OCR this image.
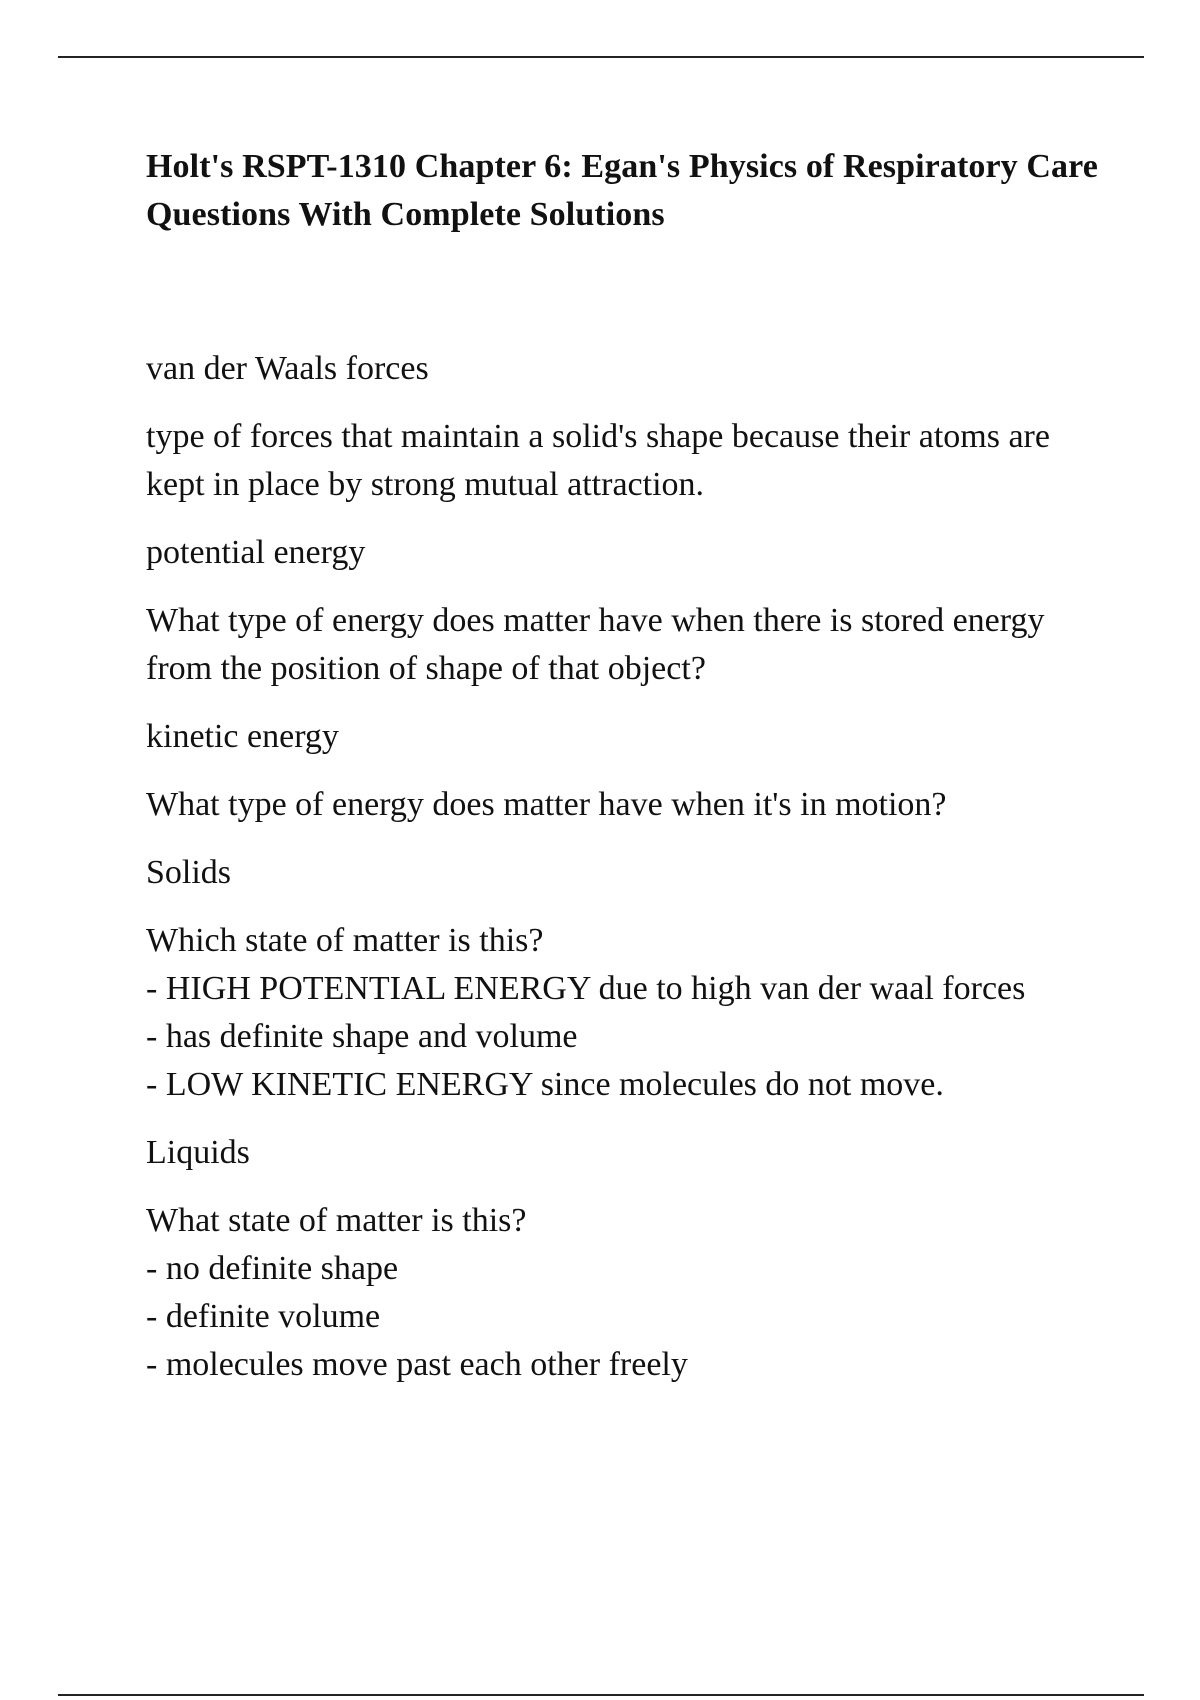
Holt's RSPT-1310 Chapter 6: Egan's Physics of Respiratory Care Questions With Complete Solutions

van der Waals forces

type of forces that maintain a solid's shape because their atoms are kept in place by strong mutual attraction.

potential energy

What type of energy does matter have when there is stored energy from the position of shape of that object?

kinetic energy

What type of energy does matter have when it's in motion?

Solids

Which state of matter is this?
- HIGH POTENTIAL ENERGY due to high van der waal forces
- has definite shape and volume
- LOW KINETIC ENERGY since molecules do not move.

Liquids

What state of matter is this?
- no definite shape
- definite volume
- molecules move past each other freely
